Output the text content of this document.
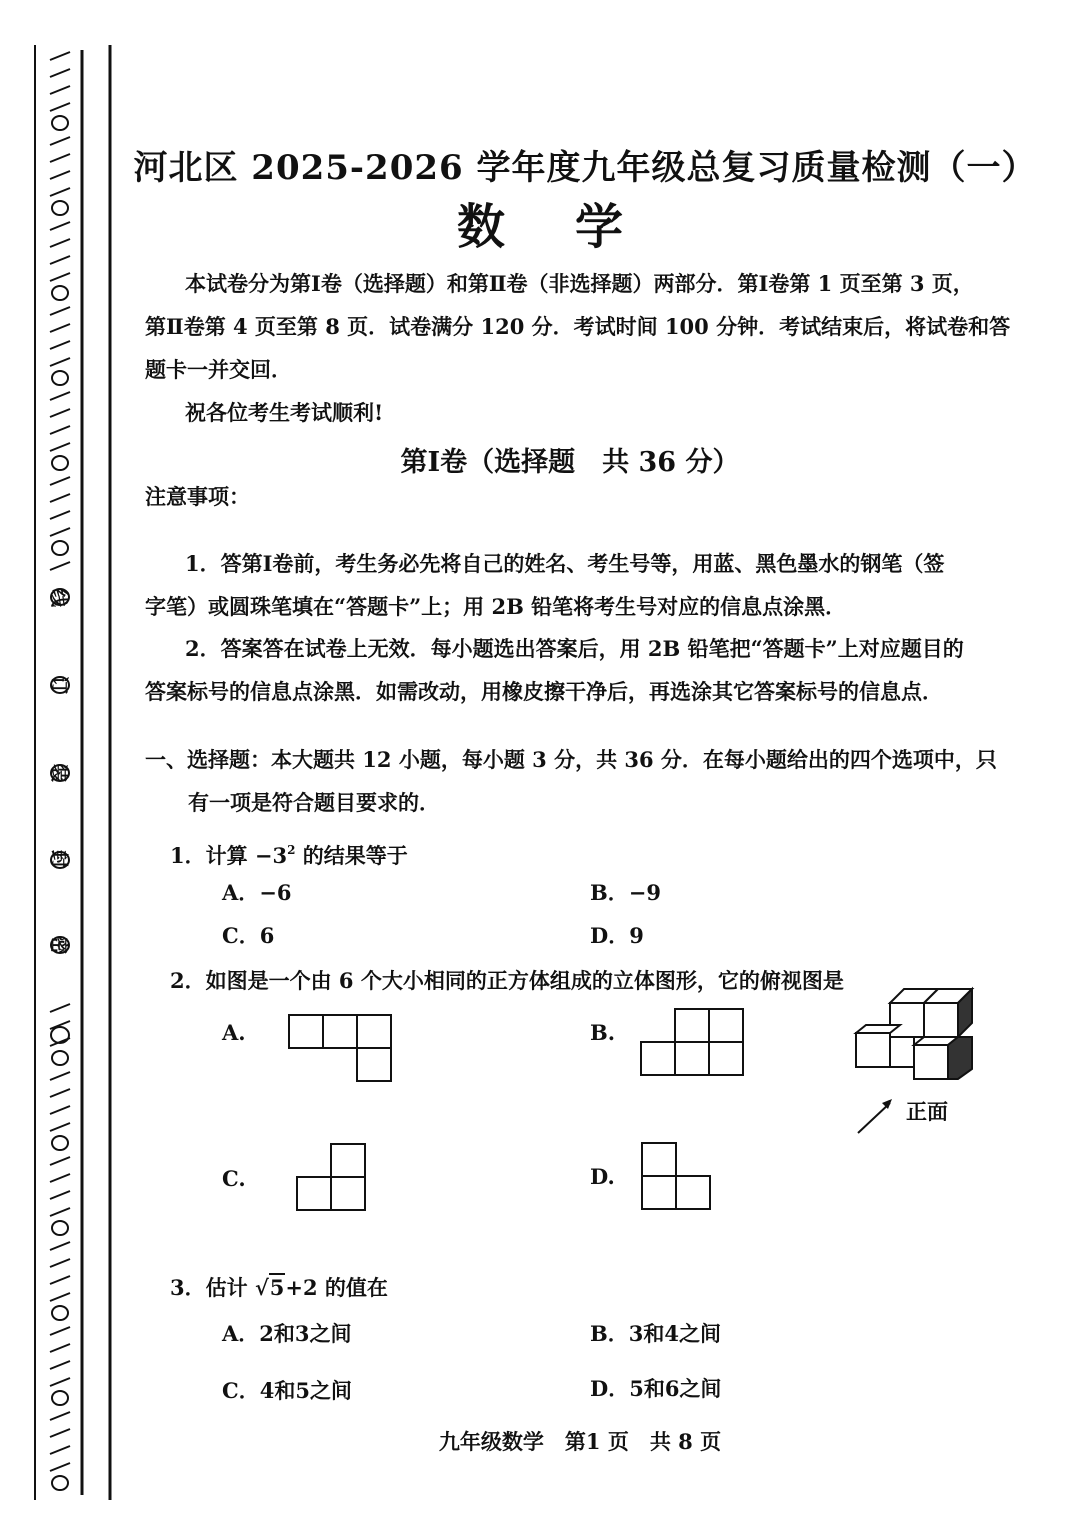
线
订
装
封
密
河北区 2025-2026 学年度九年级总复习质量检测（一）
数学
本试卷分为第Ⅰ卷（选择题）和第Ⅱ卷（非选择题）两部分．第Ⅰ卷第 1 页至第 3 页，
第Ⅱ卷第 4 页至第 8 页．试卷满分 120 分．考试时间 100 分钟．考试结束后，将试卷和答
题卡一并交回．
祝各位考生考试顺利!
第Ⅰ卷（选择题　共 36 分）
注意事项：
1．答第Ⅰ卷前，考生务必先将自己的姓名、考生号等，用蓝、黑色墨水的钢笔（签
字笔）或圆珠笔填在“答题卡”上；用 2B 铅笔将考生号对应的信息点涂黑．
2．答案答在试卷上无效．每小题选出答案后，用 2B 铅笔把“答题卡”上对应题目的
答案标号的信息点涂黑．如需改动，用橡皮擦干净后，再选涂其它答案标号的信息点．
一、选择题：本大题共 12 小题，每小题 3 分，共 36 分．在每小题给出的四个选项中，只
有一项是符合题目要求的．
1．计算 $-3^2$ 的结果等于
A．−6	B．−9
C．6	D．9
2．如图是一个由 6 个大小相同的正方体组成的立体图形，它的俯视图是
A.	B.
正面
C.	D.
3．估计 √5+2 的值在
A．2和3之间	B．3和4之间
C．4和5之间	D．5和6之间
九年级数学　第1 页　共 8 页
